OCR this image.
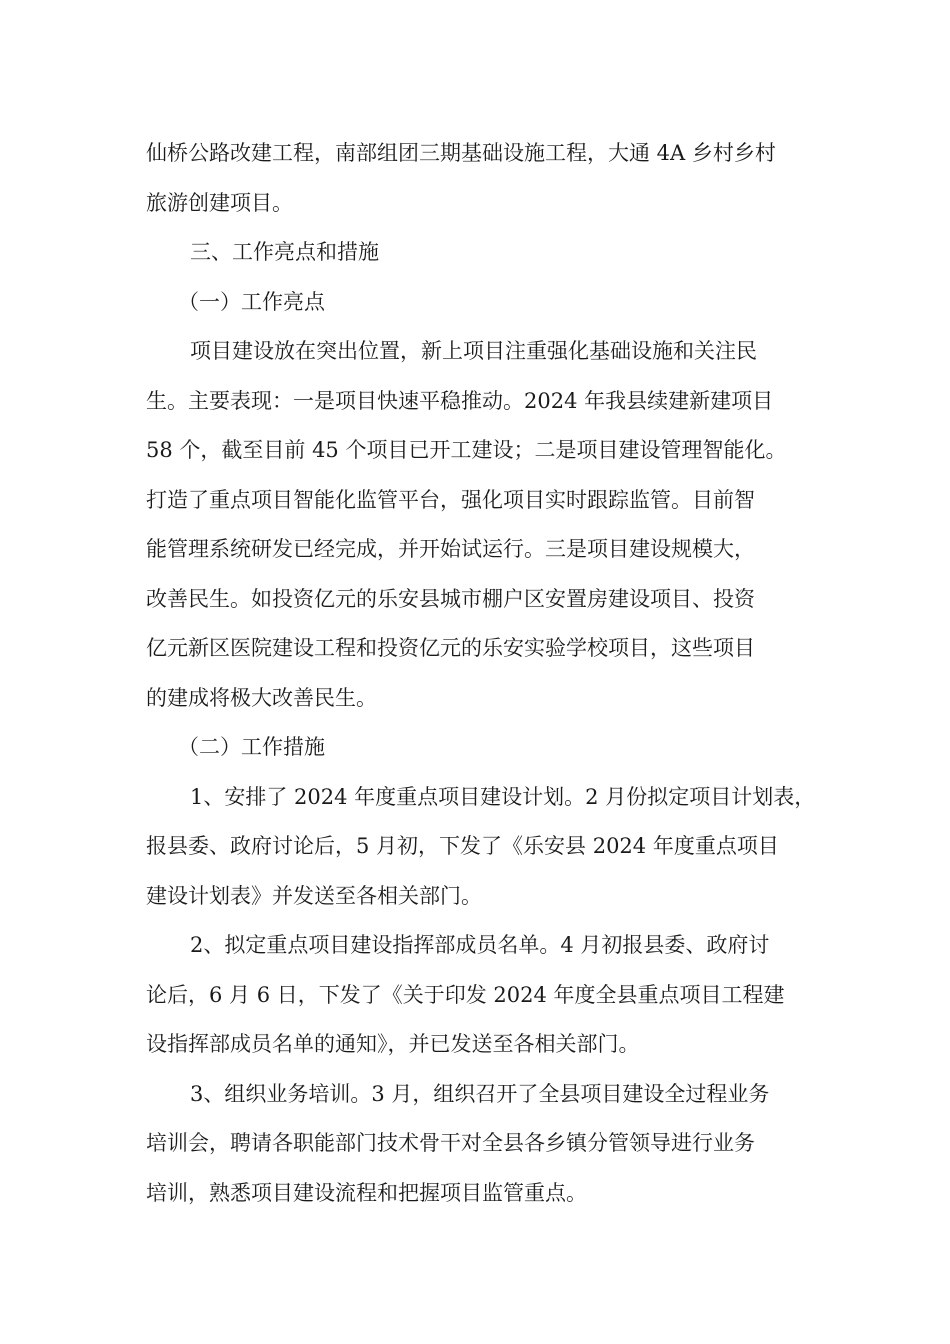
仙桥公路改建工程，南部组团三期基础设施工程，大通 4A 乡村乡村
旅游创建项目。
三、工作亮点和措施
（一）工作亮点
项目建设放在突出位置，新上项目注重强化基础设施和关注民
生。主要表现：一是项目快速平稳推动。2024 年我县续建新建项目
58 个，截至目前 45 个项目已开工建设；二是项目建设管理智能化。
打造了重点项目智能化监管平台，强化项目实时跟踪监管。目前智
能管理系统研发已经完成，并开始试运行。三是项目建设规模大，
改善民生。如投资亿元的乐安县城市棚户区安置房建设项目、投资
亿元新区医院建设工程和投资亿元的乐安实验学校项目，这些项目
的建成将极大改善民生。
（二）工作措施
1、安排了 2024 年度重点项目建设计划。2 月份拟定项目计划表，
报县委、政府讨论后，5 月初，下发了《乐安县 2024 年度重点项目
建设计划表》并发送至各相关部门。
2、拟定重点项目建设指挥部成员名单。4 月初报县委、政府讨
论后，6 月 6 日，下发了《关于印发 2024 年度全县重点项目工程建
设指挥部成员名单的通知》，并已发送至各相关部门。
3、组织业务培训。3 月，组织召开了全县项目建设全过程业务
培训会，聘请各职能部门技术骨干对全县各乡镇分管领导进行业务
培训，熟悉项目建设流程和把握项目监管重点。
